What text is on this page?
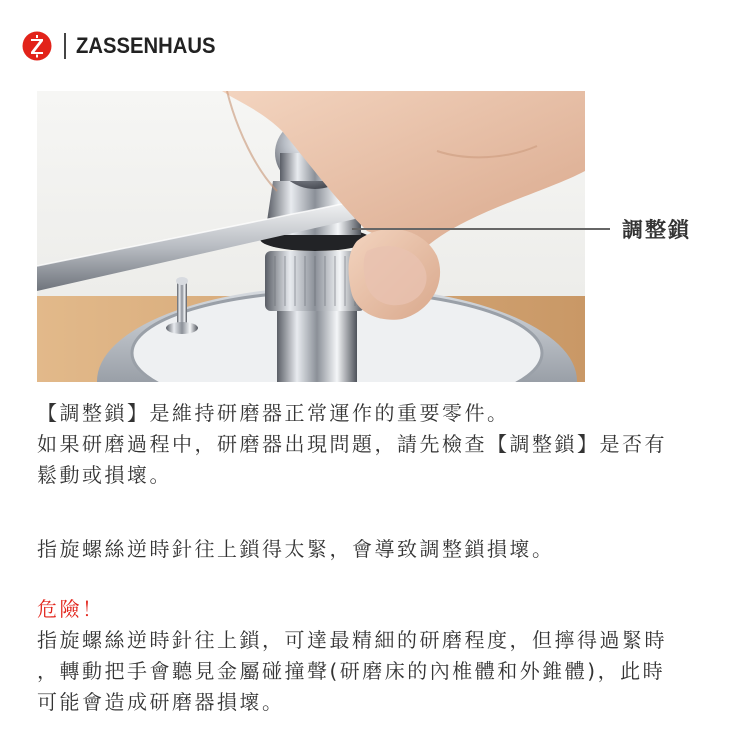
ZASSENHAUS
調整鎖
【調整鎖】是維持研磨器正常運作的重要零件。
如果研磨過程中，研磨器出現問題，請先檢查【調整鎖】是否有
鬆動或損壞。
指旋螺絲逆時針往上鎖得太緊，會導致調整鎖損壞。
危險！
指旋螺絲逆時針往上鎖，可達最精細的研磨程度，但擰得過緊時
，轉動把手會聽見金屬碰撞聲(研磨床的內椎體和外錐體)，此時
可能會造成研磨器損壞。
